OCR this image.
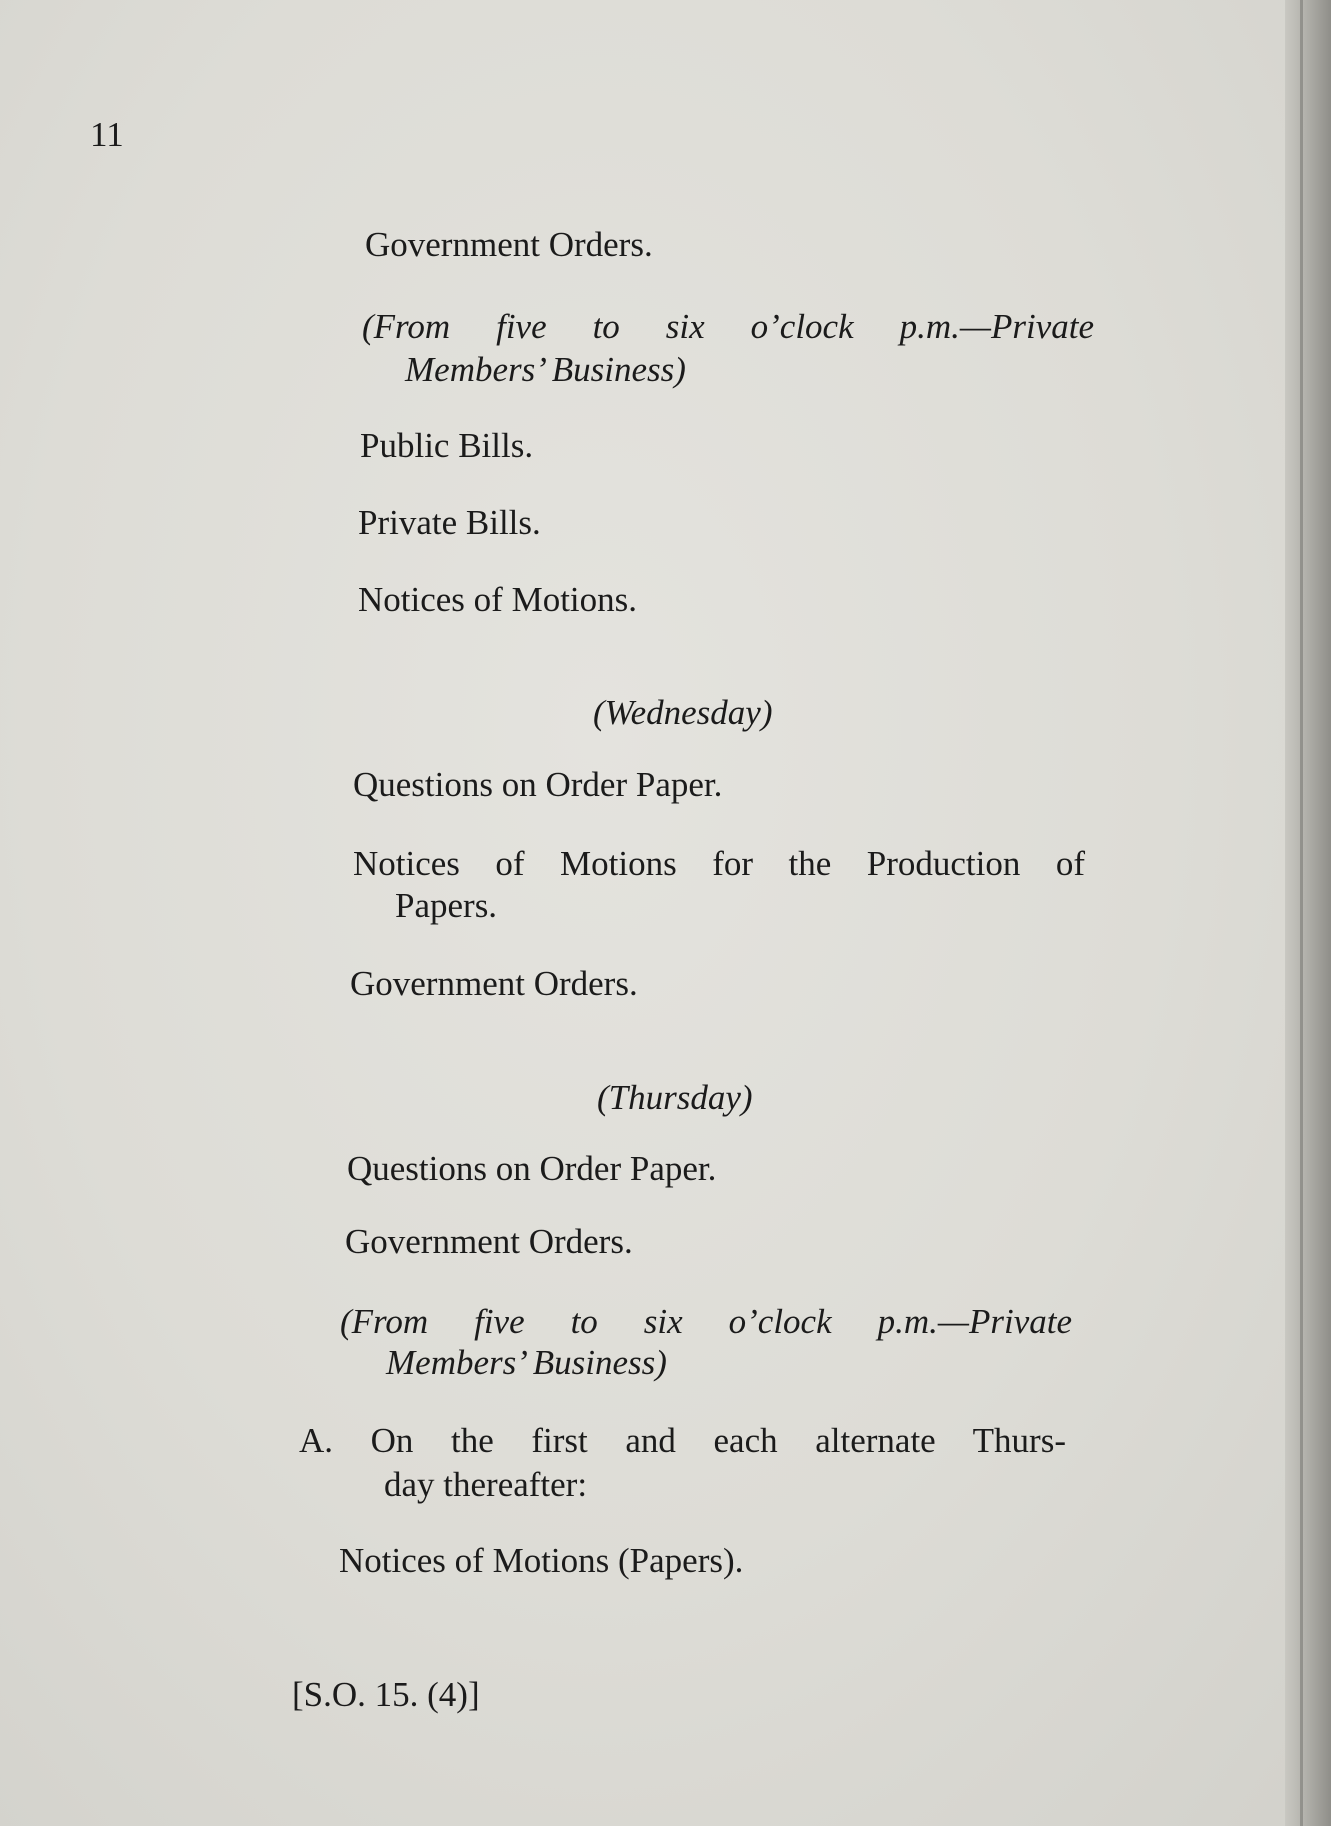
11
Government Orders.
(From five to six o’clock p.m.—Private
Members’ Business)
Public Bills.
Private Bills.
Notices of Motions.
(Wednesday)
Questions on Order Paper.
Notices of Motions for the Production of
Papers.
Government Orders.
(Thursday)
Questions on Order Paper.
Government Orders.
(From five to six o’clock p.m.—Private
Members’ Business)
A. On the first and each alternate Thurs-
day thereafter:
Notices of Motions (Papers).
[S.O. 15. (4)]
